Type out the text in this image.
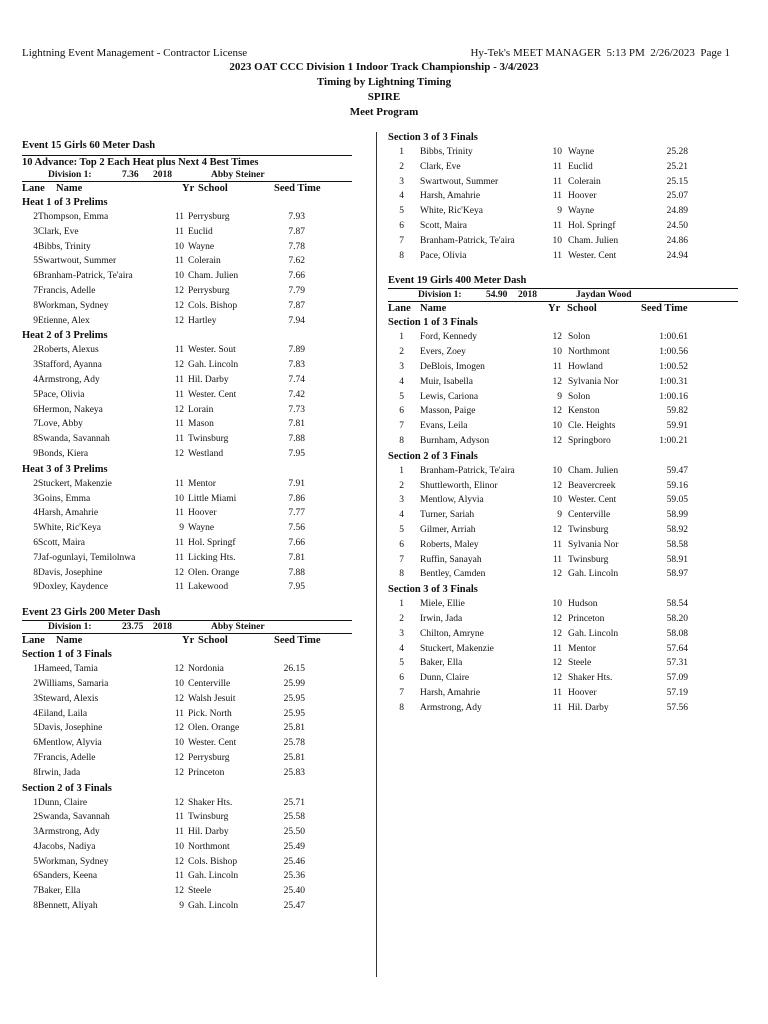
Lightning Event Management - Contractor License	Hy-Tek's MEET MANAGER  5:13 PM  2/26/2023  Page 1
2023 OAT CCC Division 1 Indoor Track Championship - 3/4/2023
Timing by Lightning Timing
SPIRE
Meet Program
Event 15 Girls 60 Meter Dash
10 Advance: Top 2 Each Heat plus Next 4 Best Times
Division 1:	7.36 2018	Abby Steiner
Lane Name	Yr School	Seed Time
Heat 1 of 3 Prelims
2 Thompson, Emma	11 Perrysburg	7.93
3 Clark, Eve	11 Euclid	7.87
4 Bibbs, Trinity	10 Wayne	7.78
5 Swartwout, Summer	11 Colerain	7.62
6 Branham-Patrick, Te'aira	10 Cham. Julien	7.66
7 Francis, Adelle	12 Perrysburg	7.79
8 Workman, Sydney	12 Cols. Bishop	7.87
9 Etienne, Alex	12 Hartley	7.94
Heat 2 of 3 Prelims
2 Roberts, Alexus	11 Wester. Sout	7.89
3 Stafford, Ayanna	12 Gah. Lincoln	7.83
4 Armstrong, Ady	11 Hil. Darby	7.74
5 Pace, Olivia	11 Wester. Cent	7.42
6 Hermon, Nakeya	12 Lorain	7.73
7 Love, Abby	11 Mason	7.81
8 Swanda, Savannah	11 Twinsburg	7.88
9 Bonds, Kiera	12 Westland	7.95
Heat 3 of 3 Prelims
2 Stuckert, Makenzie	11 Mentor	7.91
3 Goins, Emma	10 Little Miami	7.86
4 Harsh, Amahrie	11 Hoover	7.77
5 White, Ric'Keya	9 Wayne	7.56
6 Scott, Maira	11 Hol. Springf	7.66
7 Jaf-ogunlayi, Temilolnwa	11 Licking Hts.	7.81
8 Davis, Josephine	12 Olen. Orange	7.88
9 Doxley, Kaydence	11 Lakewood	7.95
Event 23 Girls 200 Meter Dash
Division 1:	23.75 2018	Abby Steiner
Lane Name	Yr School	Seed Time
Section 1 of 3 Finals
1 Hameed, Tamia	12 Nordonia	26.15
2 Williams, Samaria	10 Centerville	25.99
3 Steward, Alexis	12 Walsh Jesuit	25.95
4 Eiland, Laila	11 Pick. North	25.95
5 Davis, Josephine	12 Olen. Orange	25.81
6 Mentlow, Alyvia	10 Wester. Cent	25.78
7 Francis, Adelle	12 Perrysburg	25.81
8 Irwin, Jada	12 Princeton	25.83
Section 2 of 3 Finals
1 Dunn, Claire	12 Shaker Hts.	25.71
2 Swanda, Savannah	11 Twinsburg	25.58
3 Armstrong, Ady	11 Hil. Darby	25.50
4 Jacobs, Nadiya	10 Northmont	25.49
5 Workman, Sydney	12 Cols. Bishop	25.46
6 Sanders, Keena	11 Gah. Lincoln	25.36
7 Baker, Ella	12 Steele	25.40
8 Bennett, Aliyah	9 Gah. Lincoln	25.47
Section 3 of 3 Finals
1 Bibbs, Trinity	10 Wayne	25.28
2 Clark, Eve	11 Euclid	25.21
3 Swartwout, Summer	11 Colerain	25.15
4 Harsh, Amahrie	11 Hoover	25.07
5 White, Ric'Keya	9 Wayne	24.89
6 Scott, Maira	11 Hol. Springf	24.50
7 Branham-Patrick, Te'aira	10 Cham. Julien	24.86
8 Pace, Olivia	11 Wester. Cent	24.94
Event 19 Girls 400 Meter Dash
Division 1:	54.90 2018	Jaydan Wood
Lane Name	Yr School	Seed Time
Section 1 of 3 Finals
1 Ford, Kennedy	12 Solon	1:00.61
2 Evers, Zoey	10 Northmont	1:00.56
3 DeBlois, Imogen	11 Howland	1:00.52
4 Muir, Isabella	12 Sylvania Nor	1:00.31
5 Lewis, Cariona	9 Solon	1:00.16
6 Masson, Paige	12 Kenston	59.82
7 Evans, Leila	10 Cle. Heights	59.91
8 Burnham, Adyson	12 Springboro	1:00.21
Section 2 of 3 Finals
1 Branham-Patrick, Te'aira	10 Cham. Julien	59.47
2 Shuttleworth, Elinor	12 Beavercreek	59.16
3 Mentlow, Alyvia	10 Wester. Cent	59.05
4 Turner, Sariah	9 Centerville	58.99
5 Gilmer, Arriah	12 Twinsburg	58.92
6 Roberts, Maley	11 Sylvania Nor	58.58
7 Ruffin, Sanayah	11 Twinsburg	58.91
8 Bentley, Camden	12 Gah. Lincoln	58.97
Section 3 of 3 Finals
1 Miele, Ellie	10 Hudson	58.54
2 Irwin, Jada	12 Princeton	58.20
3 Chilton, Amryne	12 Gah. Lincoln	58.08
4 Stuckert, Makenzie	11 Mentor	57.64
5 Baker, Ella	12 Steele	57.31
6 Dunn, Claire	12 Shaker Hts.	57.09
7 Harsh, Amahrie	11 Hoover	57.19
8 Armstrong, Ady	11 Hil. Darby	57.56
